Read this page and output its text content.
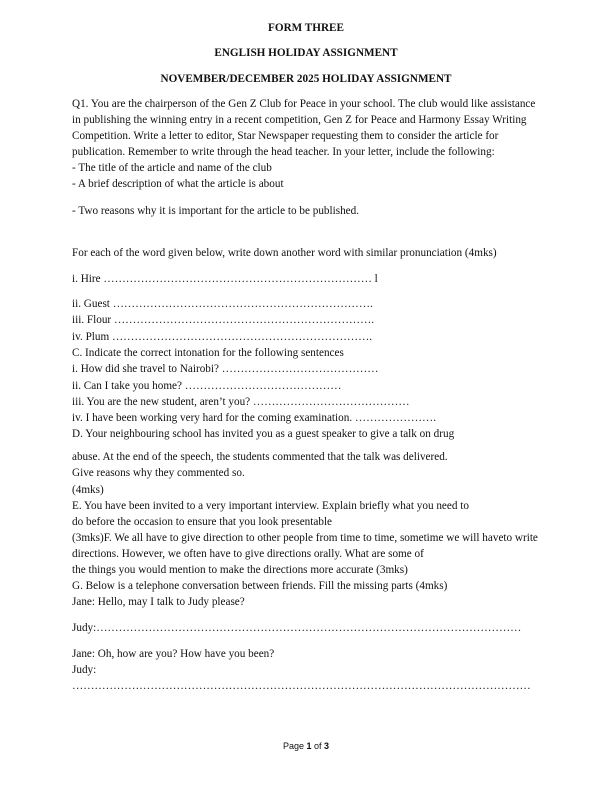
FORM THREE
ENGLISH HOLIDAY ASSIGNMENT
NOVEMBER/DECEMBER 2025 HOLIDAY ASSIGNMENT
Q1. You are the chairperson of the Gen Z Club for Peace in your school. The club would like assistance
in publishing the winning entry in a recent competition, Gen Z for Peace and Harmony Essay Writing
Competition. Write a letter to editor, Star Newspaper requesting them to consider the article for
publication. Remember to write through the head teacher. In your letter, include the following:
- The title of the article and name of the club
- A brief description of what the article is about
- Two reasons why it is important for the article to be published.
For each of the word given below, write down another word with similar pronunciation (4mks)
i. Hire ……………………………………………………………… l
ii. Guest …………………………………………………………….
iii. Flour …………………………………………………………….
iv. Plum …………………………………………………………….
C. Indicate the correct intonation for the following sentences
i. How did she travel to Nairobi? ……………………………………
ii. Can I take you home? ……………………………………
iii. You are the new student, aren’t you? ……………………………………
iv. I have been working very hard for the coming examination. ………………….
D. Your neighbouring school has invited you as a guest speaker to give a talk on drug
abuse. At the end of the speech, the students commented that the talk was delivered.
Give reasons why they commented so.
(4mks)
E. You have been invited to a very important interview. Explain briefly what you need to
do before the occasion to ensure that you look presentable
(3mks)F. We all have to give direction to other people from time to time, sometime we will haveto write
directions. However, we often have to give directions orally. What are some of
the things you would mention to make the directions more accurate (3mks)
G. Below is a telephone conversation between friends. Fill the missing parts (4mks)
Jane: Hello, may I talk to Judy please?
Judy:……………………………………………………………………………………………………
Jane: Oh, how are you? How have you been?
Judy:
……………………………………………………………………………………………………………
Page 1 of 3
